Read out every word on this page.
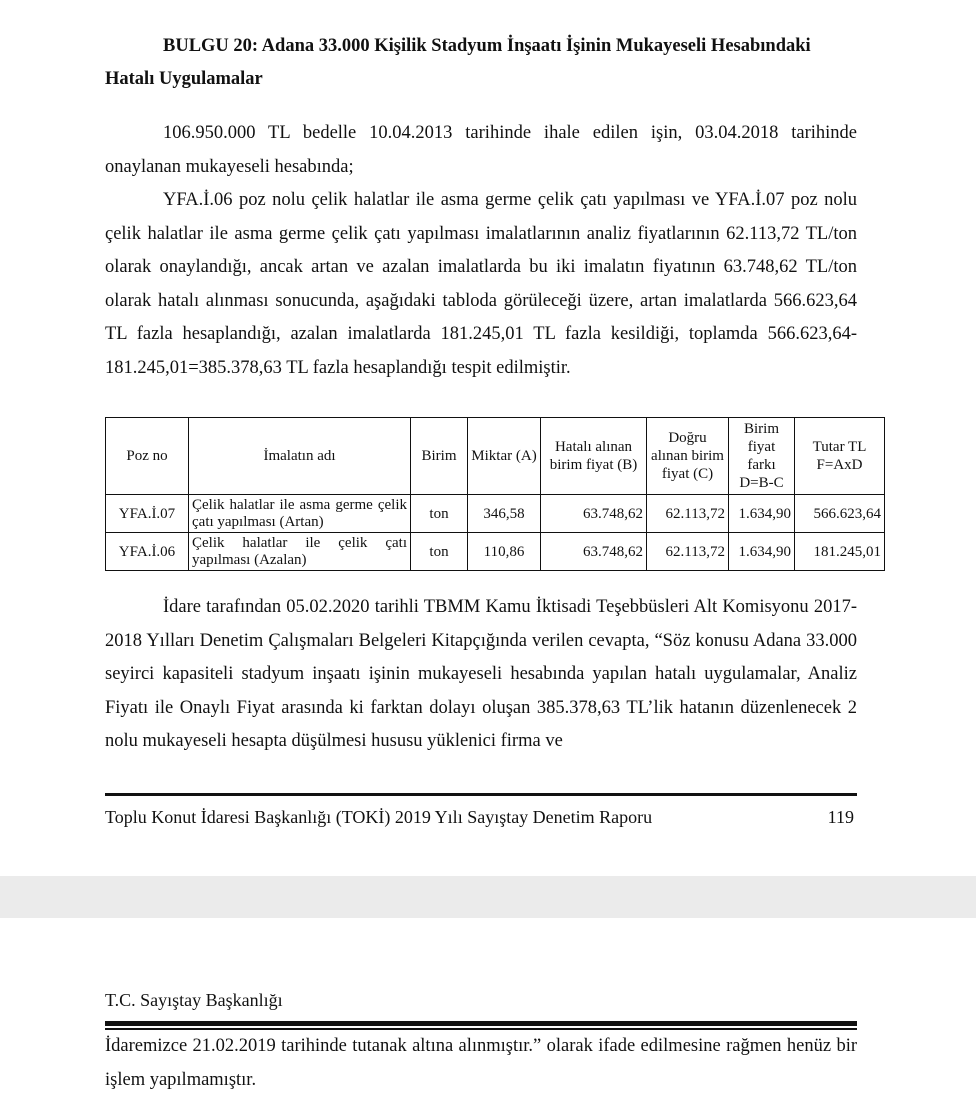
BULGU 20: Adana 33.000 Kişilik Stadyum İnşaatı İşinin Mukayeseli Hesabındaki Hatalı Uygulamalar

106.950.000 TL bedelle 10.04.2013 tarihinde ihale edilen işin, 03.04.2018 tarihinde onaylanan mukayeseli hesabında;

YFA.İ.06 poz nolu çelik halatlar ile asma germe çelik çatı yapılması ve YFA.İ.07 poz nolu çelik halatlar ile asma germe çelik çatı yapılması imalatlarının analiz fiyatlarının 62.113,72 TL/ton olarak onaylandığı, ancak artan ve azalan imalatlarda bu iki imalatın fiyatının 63.748,62 TL/ton olarak hatalı alınması sonucunda, aşağıdaki tabloda görüleceği üzere, artan imalatlarda 566.623,64 TL fazla hesaplandığı, azalan imalatlarda 181.245,01 TL fazla kesildiği, toplamda 566.623,64-181.245,01=385.378,63 TL fazla hesaplandığı tespit edilmiştir.

Poz no	İmalatın adı	Birim	Miktar (A)	Hatalı alınan birim fiyat (B)	Doğru alınan birim fiyat (C)	Birim fiyat farkı D=B-C	Tutar TL F=AxD
YFA.İ.07	Çelik halatlar ile asma germe çelik çatı yapılması (Artan)	ton	346,58	63.748,62	62.113,72	1.634,90	566.623,64
YFA.İ.06	Çelik halatlar ile çelik çatı yapılması (Azalan)	ton	110,86	63.748,62	62.113,72	1.634,90	181.245,01

İdare tarafından 05.02.2020 tarihli TBMM Kamu İktisadi Teşebbüsleri Alt Komisyonu 2017-2018 Yılları Denetim Çalışmaları Belgeleri Kitapçığında verilen cevapta, “Söz konusu Adana 33.000 seyirci kapasiteli stadyum inşaatı işinin mukayeseli hesabında yapılan hatalı uygulamalar, Analiz Fiyatı ile Onaylı Fiyat arasında ki farktan dolayı oluşan 385.378,63 TL’lik hatanın düzenlenecek 2 nolu mukayeseli hesapta düşülmesi hususu yüklenici firma ve

Toplu Konut İdaresi Başkanlığı (TOKİ) 2019 Yılı Sayıştay Denetim Raporu	119
T.C. Sayıştay Başkanlığı

İdaremizce 21.02.2019 tarihinde tutanak altına alınmıştır.” olarak ifade edilmesine rağmen henüz bir işlem yapılmamıştır.
